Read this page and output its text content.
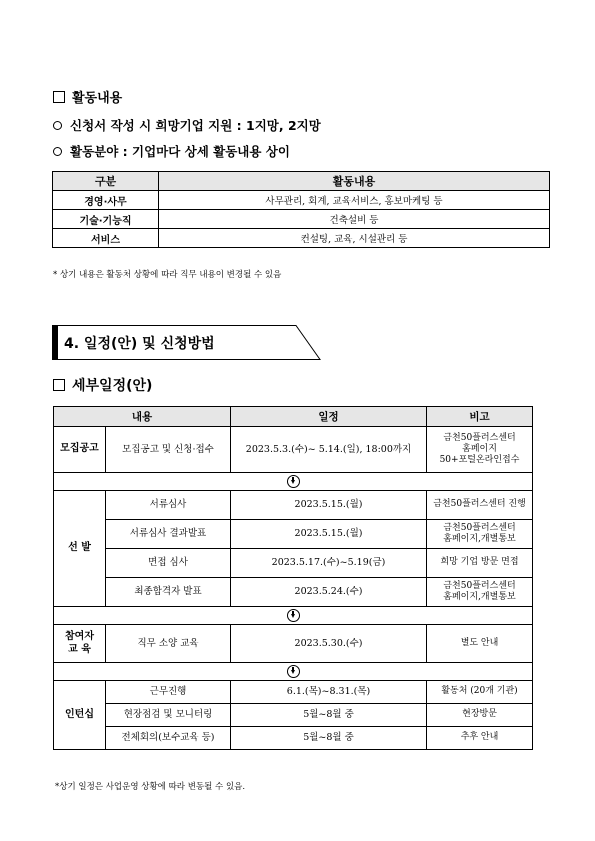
활동내용
신청서 작성 시 희망기업 지원 : 1지망, 2지망
활동분야 : 기업마다 상세 활동내용 상이
구분	활동내용
경영·사무	사무관리, 회계, 교육서비스, 홍보마케팅 등
기술·기능직	건축설비 등
서비스	컨설팅, 교육, 시설관리 등
* 상기 내용은 활동처 상황에 따라 직무 내용이 변경될 수 있음
4. 일정(안) 및 신청방법
세부일정(안)
내용		일정	비고
모집공고	모집공고 및 신청·접수	2023.5.3.(수)~ 5.14.(일), 18:00까지	금천50플러스센터
홈페이지
50+포털온라인접수

선 발	서류심사	2023.5.15.(월)	금천50플러스센터 진행
	서류심사 결과발표	2023.5.15.(월)	금천50플러스센터
홈페이지,개별통보

	면접 심사	2023.5.17.(수)~5.19(금)	희망 기업 방문 면접
	최종합격자 발표	2023.5.24.(수)	금천50플러스센터
홈페이지,개별통보

참여자
교 육	직무 소양 교육	2023.5.30.(수)	별도 안내

인턴십	근무진행	6.1.(목)~8.31.(목)	활동처 (20개 기관)
	현장점검 및 모니터링	5월~8월 중	현장방문
	전체회의(보수교육 등)	5월~8월 중	추후 안내
*상기 일정은 사업운영 상황에 따라 변동될 수 있음.
